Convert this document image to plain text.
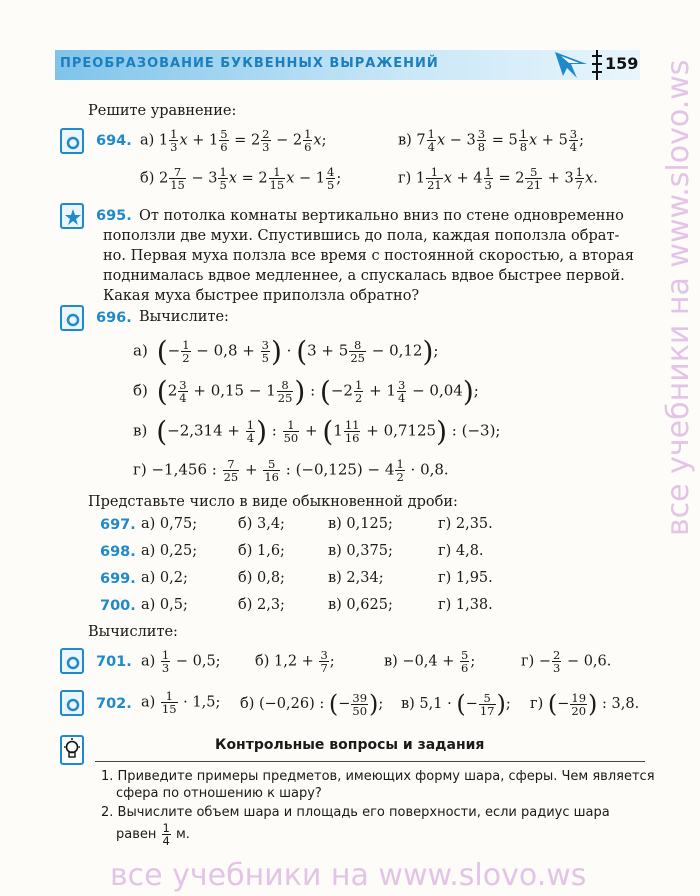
все учебники на www.slovo.ws
все учебники на www.slovo.ws
ПРЕОБРАЗОВАНИЕ БУКВЕННЫХ ВЫРАЖЕНИЙ	159
Решите уравнение:
694. а) $1 \frac{1}{3}$ $x + 1 \frac{5}{6} = 2 \frac{2}{3} - 2 \frac{1}{6} x$;	в) $7 \frac{1}{4}$ $x - 3 \frac{3}{8} = 5 \frac{1}{8}$ $x + 5 \frac{3}{4}$ ;
б) $2 \frac{7}{15} - 3 \frac{1}{5}$ $x = 2 \frac{1}{15}$ $x - 1 \frac{4}{5}$ ;	г) $1 \frac{1}{21}$ $x + 4 \frac{1}{3} = 2 \frac{5}{21} + 3 \frac{1}{7} x$.
695. От потолка комнаты вертикально вниз по стене одновременно
поползли две мухи. Спустившись до пола, каждая поползла обрат-
но. Первая муха ползла все время с постоянной скоростью, а вторая
поднималась вдвое медленнее, а спускалась вдвое быстрее первой.
Какая муха быстрее приползла обратно?
696. Вычислите:
а) (− $\frac{1}{2} - 0,8 + \frac{3}{5}$ ) · $(3 + 5 \frac{8}{25} - 0,12)$;
б) ($2 \frac{3}{4} + 0,15 - 1 \frac{8}{25}$ ) : $(-2 \frac{1}{2} + 1 \frac{3}{4} - 0,04)$;
в) ($-2,314 + \frac{1}{4}$ ) : $\frac{1}{50} + (1 \frac{11}{16} + 0,7125)$ : (−3);
г) −1,456 : $\frac{7}{25} + \frac{5}{16}$ : $(-0,125) - 4 \frac{1}{2} \cdot 0,8$.
Представьте число в виде обыкновенной дроби:
697. а) 0,75;	б) 3,4;	в) 0,125;	г) 2,35.
698. а) 0,25;	б) 1,6;	в) 0,375;	г) 4,8.
699. а) 0,2;	б) 0,8;	в) 2,34;	г) 1,95.
700. а) 0,5;	б) 2,3;	в) 0,625;	г) 1,38.
Вычислите:
701. $а) \frac{1}{3} - 0,5$; б) $1,2 + \frac{3}{7}$ ;	$в) -0,4 + \frac{5}{6}$ ;	$г) - \frac{2}{3} - 0,6$.
702. $а) \frac{1}{15} \cdot 1,5$; б) (−0,26) : (− $\frac{39}{50}$ ); в) 5,1 · (− $\frac{5}{17}$ ); г) (− $\frac{19}{20}$ ) : 3,8.
Контрольные вопросы и задания
1. Приведите примеры предметов, имеющих форму шара, сферы. Чем является
сфера по отношению к шару?
2. Вычислите объем шара и площадь его поверхности, если радиус шара
равен $\frac{1}{4} м$.
